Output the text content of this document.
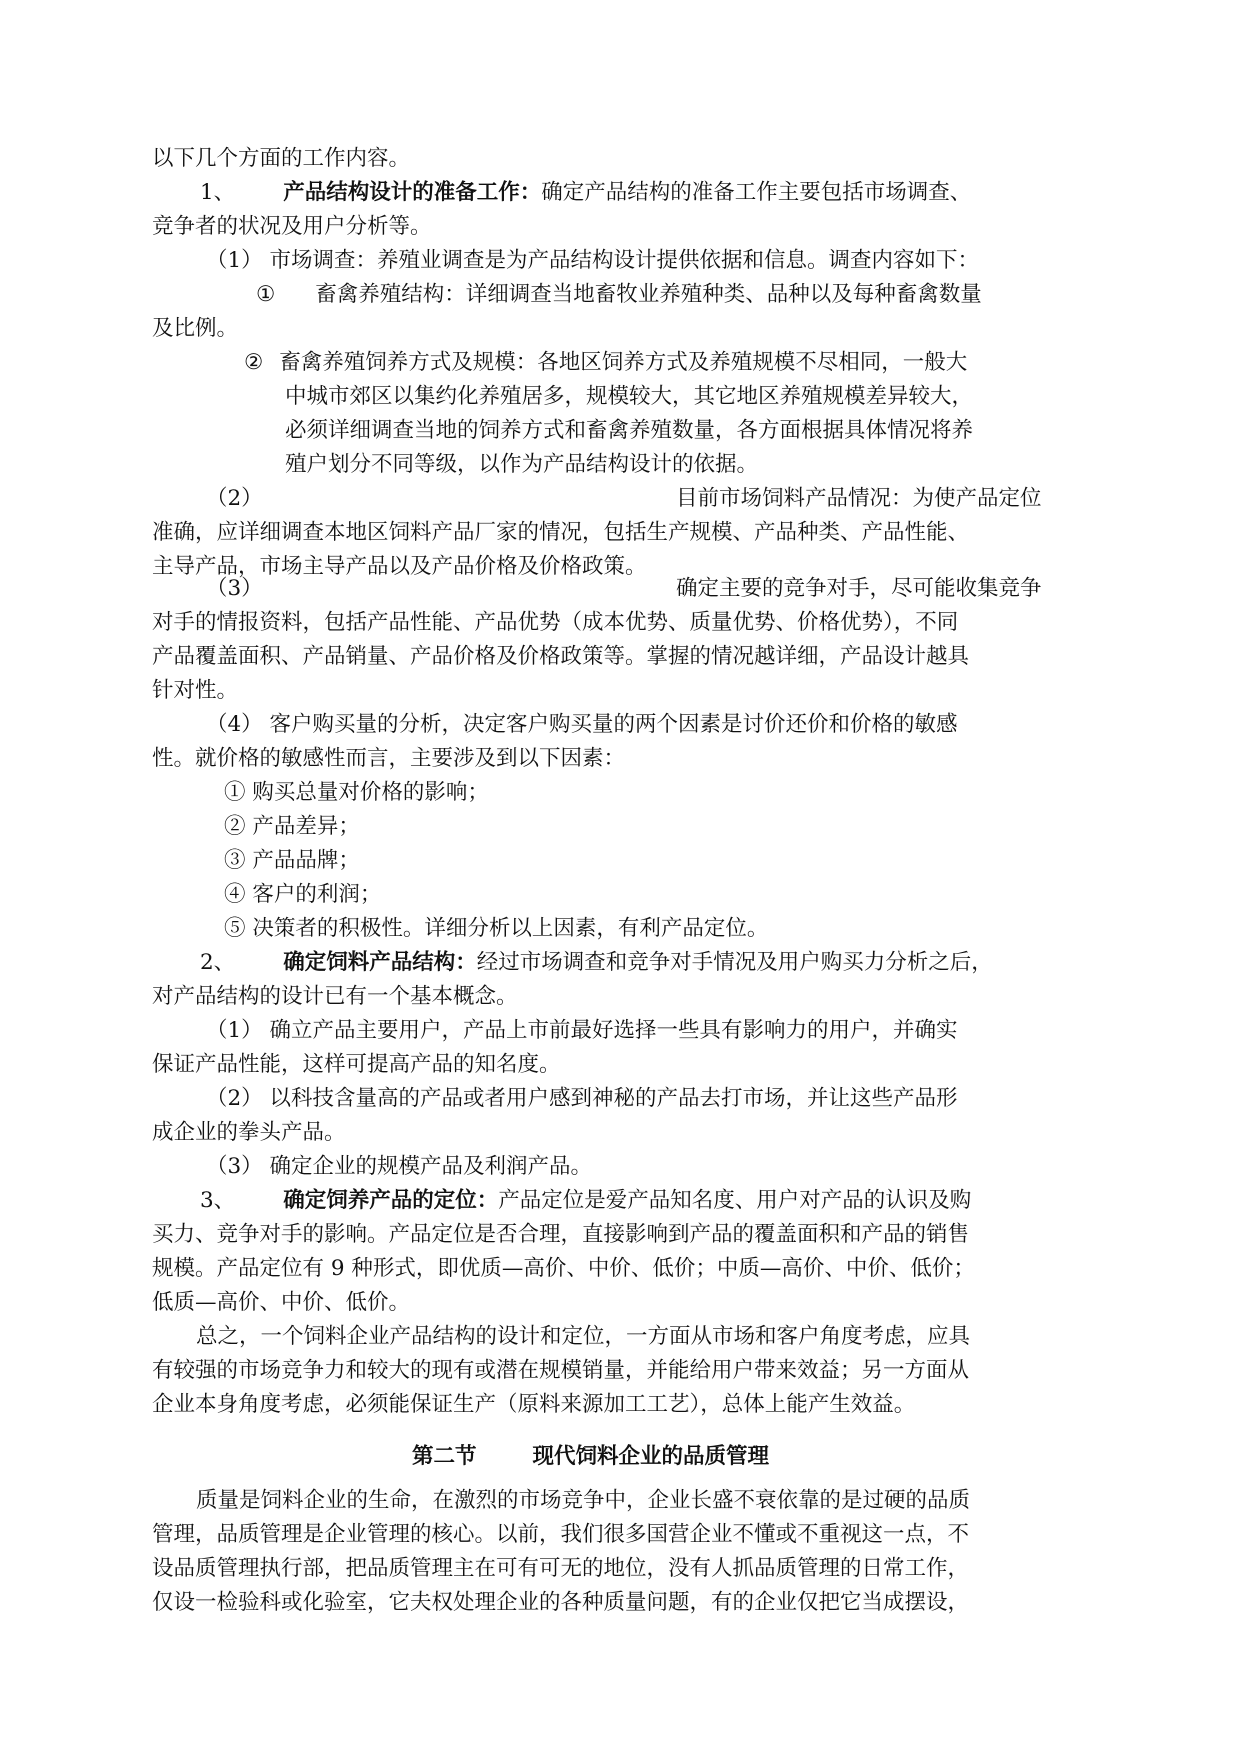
以下几个方面的工作内容。
1、 产品结构设计的准备工作：确定产品结构的准备工作主要包括市场调查、
竞争者的状况及用户分析等。
（1） 市场调查：养殖业调查是为产品结构设计提供依据和信息。调查内容如下：
① 畜禽养殖结构：详细调查当地畜牧业养殖种类、品种以及每种畜禽数量
及比例。
② 畜禽养殖饲养方式及规模：各地区饲养方式及养殖规模不尽相同，一般大
中城市郊区以集约化养殖居多，规模较大，其它地区养殖规模差异较大，
必须详细调查当地的饲养方式和畜禽养殖数量，各方面根据具体情况将养
殖户划分不同等级，以作为产品结构设计的依据。
（2）	目前市场饲料产品情况：为使产品定位
准确，应详细调查本地区饲料产品厂家的情况，包括生产规模、产品种类、产品性能、
主导产品，市场主导产品以及产品价格及价格政策。
（3）	确定主要的竞争对手，尽可能收集竞争
对手的情报资料，包括产品性能、产品优势（成本优势、质量优势、价格优势），不同
产品覆盖面积、产品销量、产品价格及价格政策等。掌握的情况越详细，产品设计越具
针对性。
（4） 客户购买量的分析，决定客户购买量的两个因素是讨价还价和价格的敏感
性。就价格的敏感性而言，主要涉及到以下因素：
① 购买总量对价格的影响；
② 产品差异；
③ 产品品牌；
④ 客户的利润；
⑤ 决策者的积极性。详细分析以上因素，有利产品定位。
2、 确定饲料产品结构：经过市场调查和竞争对手情况及用户购买力分析之后，
对产品结构的设计已有一个基本概念。
（1） 确立产品主要用户，产品上市前最好选择一些具有影响力的用户，并确实
保证产品性能，这样可提高产品的知名度。
（2） 以科技含量高的产品或者用户感到神秘的产品去打市场，并让这些产品形
成企业的拳头产品。
（3） 确定企业的规模产品及利润产品。
3、 确定饲养产品的定位：产品定位是爱产品知名度、用户对产品的认识及购
买力、竞争对手的影响。产品定位是否合理，直接影响到产品的覆盖面积和产品的销售
规模。产品定位有 9 种形式，即优质—高价、中价、低价；中质—高价、中价、低价；
低质—高价、中价、低价。
总之，一个饲料企业产品结构的设计和定位，一方面从市场和客户角度考虑，应具
有较强的市场竞争力和较大的现有或潜在规模销量，并能给用户带来效益；另一方面从
企业本身角度考虑，必须能保证生产（原料来源加工工艺），总体上能产生效益。
第二节	现代饲料企业的品质管理
质量是饲料企业的生命，在激烈的市场竞争中，企业长盛不衰依靠的是过硬的品质
管理，品质管理是企业管理的核心。以前，我们很多国营企业不懂或不重视这一点，不
设品质管理执行部，把品质管理主在可有可无的地位，没有人抓品质管理的日常工作，
仅设一检验科或化验室，它夫权处理企业的各种质量问题，有的企业仅把它当成摆设，
